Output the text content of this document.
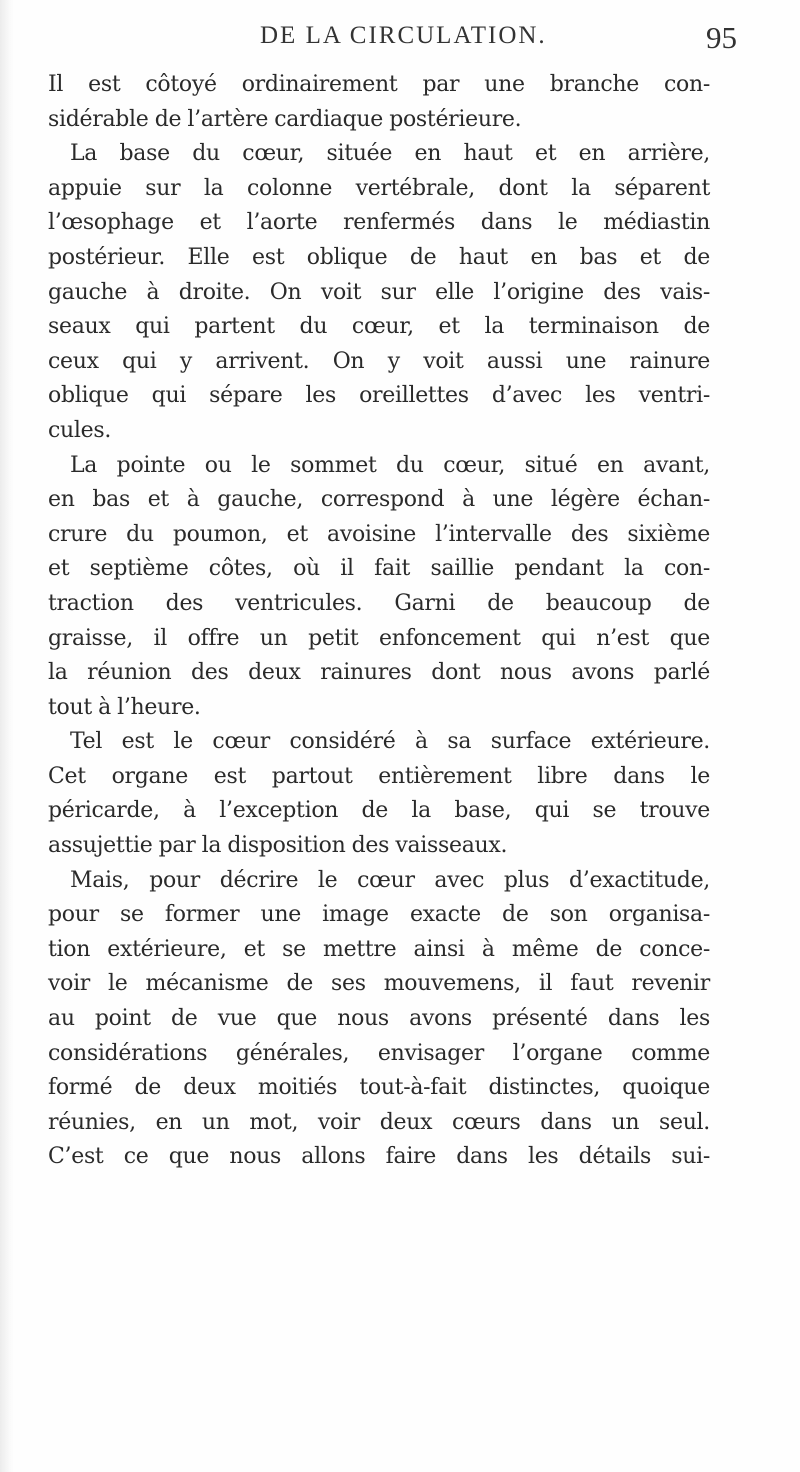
DE LA CIRCULATION.	95
Il est côtoyé ordinairement par une branche con-
sidérable de l’artère cardiaque postérieure.
La base du cœur, située en haut et en arrière,
appuie sur la colonne vertébrale, dont la séparent
l’œsophage et l’aorte renfermés dans le médiastin
postérieur. Elle est oblique de haut en bas et de
gauche à droite. On voit sur elle l’origine des vais-
seaux qui partent du cœur, et la terminaison de
ceux qui y arrivent. On y voit aussi une rainure
oblique qui sépare les oreillettes d’avec les ventri-
cules.
La pointe ou le sommet du cœur, situé en avant,
en bas et à gauche, correspond à une légère échan-
crure du poumon, et avoisine l’intervalle des sixième
et septième côtes, où il fait saillie pendant la con-
traction des ventricules. Garni de beaucoup de
graisse, il offre un petit enfoncement qui n’est que
la réunion des deux rainures dont nous avons parlé
tout à l’heure.
Tel est le cœur considéré à sa surface extérieure.
Cet organe est partout entièrement libre dans le
péricarde, à l’exception de la base, qui se trouve
assujettie par la disposition des vaisseaux.
Mais, pour décrire le cœur avec plus d’exactitude,
pour se former une image exacte de son organisa-
tion extérieure, et se mettre ainsi à même de conce-
voir le mécanisme de ses mouvemens, il faut revenir
au point de vue que nous avons présenté dans les
considérations générales, envisager l’organe comme
formé de deux moitiés tout-à-fait distinctes, quoique
réunies, en un mot, voir deux cœurs dans un seul.
C’est ce que nous allons faire dans les détails sui-
